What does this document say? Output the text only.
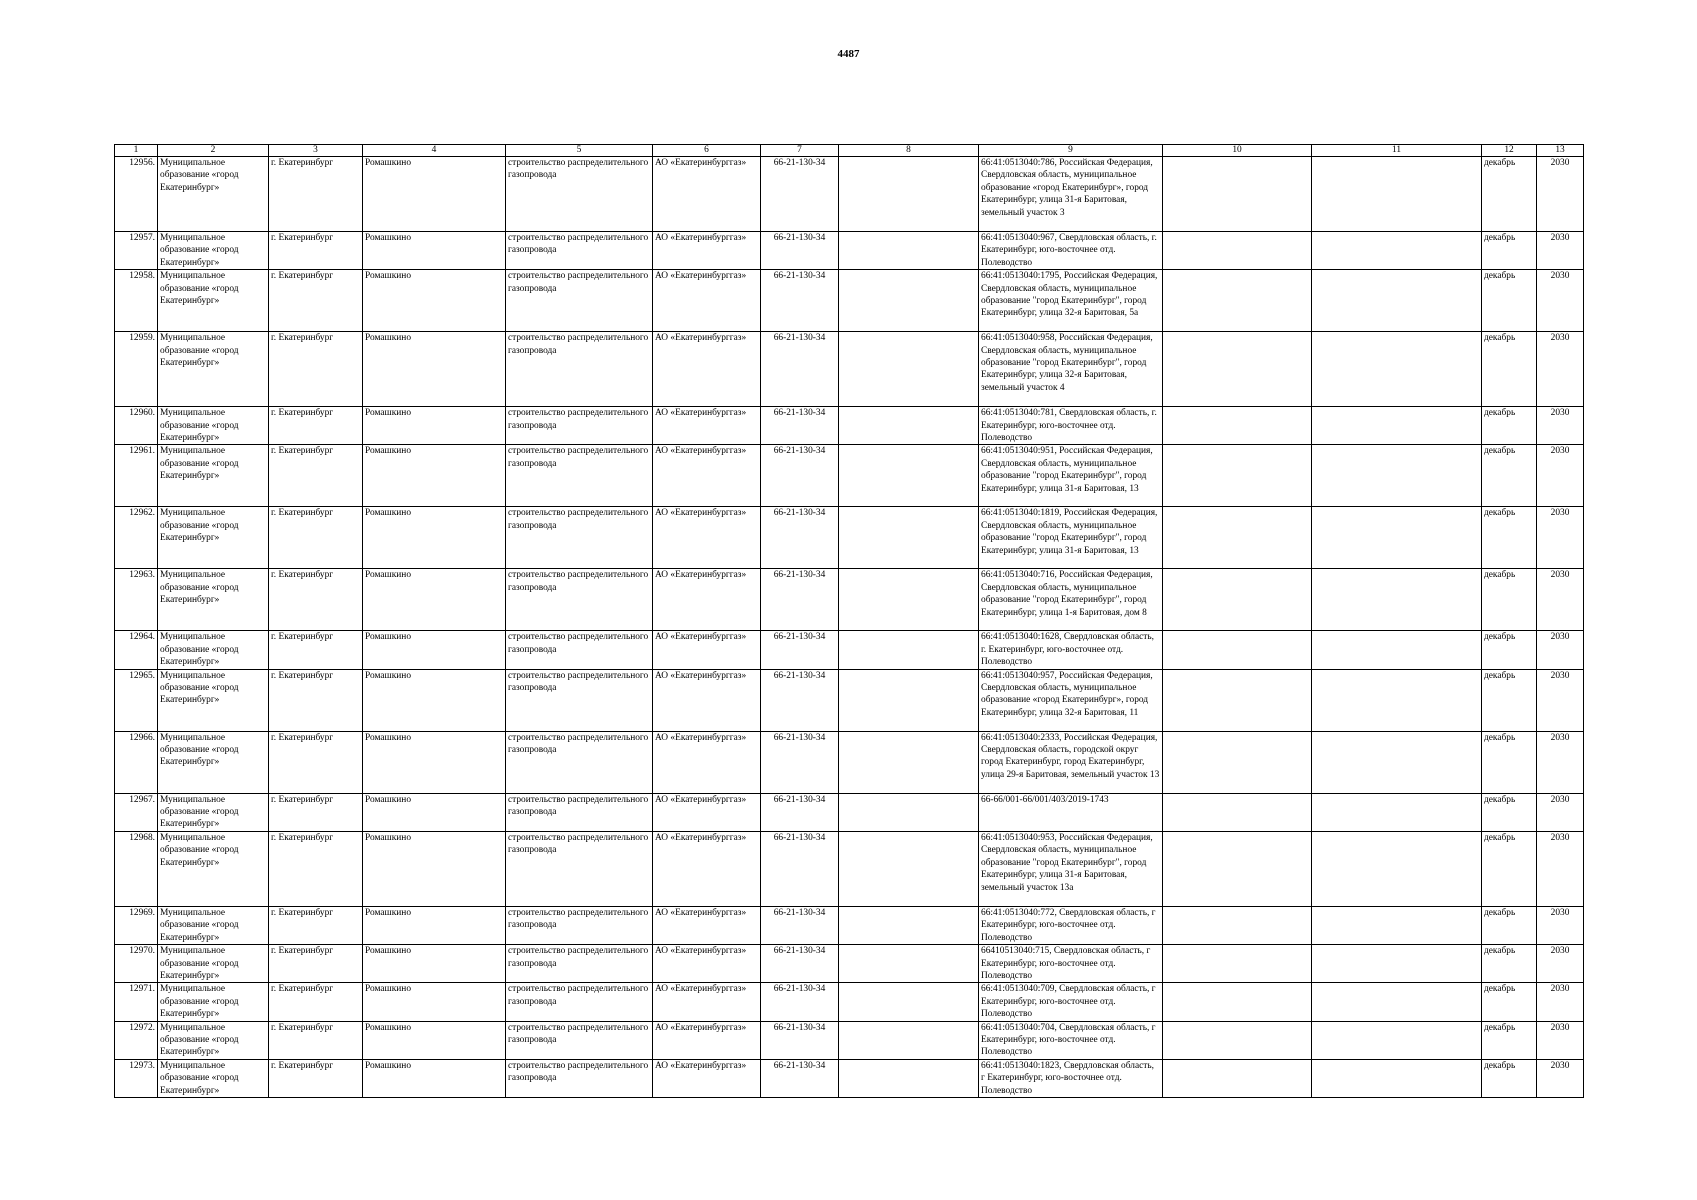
4487
1	2	3	4	5	6	7	8	9	10	11	12	13
12956.	Муниципальное образование «город Екатеринбург»	г. Екатеринбург	Ромашкино	строительство распределительного газопровода	АО «Екатеринбурггаз»	66-21-130-34		66:41:0513040:786, Российская Федерация, Свердловская область, муниципальное образование «город Екатеринбург», город Екатеринбург, улица 31-я Баритовая, земельный участок 3			декабрь	2030
12957.	Муниципальное образование «город Екатеринбург»	г. Екатеринбург	Ромашкино	строительство распределительного газопровода	АО «Екатеринбурггаз»	66-21-130-34		66:41:0513040:967, Свердловская область, г. Екатеринбург, юго-восточнее отд. Полеводство			декабрь	2030
12958.	Муниципальное образование «город Екатеринбург»	г. Екатеринбург	Ромашкино	строительство распределительного газопровода	АО «Екатеринбурггаз»	66-21-130-34		66:41:0513040:1795, Российская Федерация, Свердловская область, муниципальное образование "город Екатеринбург", город Екатеринбург, улица 32-я Баритовая, 5а			декабрь	2030
12959.	Муниципальное образование «город Екатеринбург»	г. Екатеринбург	Ромашкино	строительство распределительного газопровода	АО «Екатеринбурггаз»	66-21-130-34		66:41:0513040:958, Российская Федерация, Свердловская область, муниципальное образование "город Екатеринбург", город Екатеринбург, улица 32-я Баритовая, земельный участок 4			декабрь	2030
12960.	Муниципальное образование «город Екатеринбург»	г. Екатеринбург	Ромашкино	строительство распределительного газопровода	АО «Екатеринбурггаз»	66-21-130-34		66:41:0513040:781, Свердловская область, г. Екатеринбург, юго-восточнее отд. Полеводство			декабрь	2030
12961.	Муниципальное образование «город Екатеринбург»	г. Екатеринбург	Ромашкино	строительство распределительного газопровода	АО «Екатеринбурггаз»	66-21-130-34		66:41:0513040:951, Российская Федерация, Свердловская область, муниципальное образование "город Екатеринбург", город Екатеринбург, улица 31-я Баритовая, 13			декабрь	2030
12962.	Муниципальное образование «город Екатеринбург»	г. Екатеринбург	Ромашкино	строительство распределительного газопровода	АО «Екатеринбурггаз»	66-21-130-34		66:41:0513040:1819, Российская Федерация, Свердловская область, муниципальное образование "город Екатеринбург", город Екатеринбург, улица 31-я Баритовая, 13			декабрь	2030
12963.	Муниципальное образование «город Екатеринбург»	г. Екатеринбург	Ромашкино	строительство распределительного газопровода	АО «Екатеринбурггаз»	66-21-130-34		66:41:0513040:716, Российская Федерация, Свердловская область, муниципальное образование "город Екатеринбург", город Екатеринбург, улица 1-я Баритовая, дом 8			декабрь	2030
12964.	Муниципальное образование «город Екатеринбург»	г. Екатеринбург	Ромашкино	строительство распределительного газопровода	АО «Екатеринбурггаз»	66-21-130-34		66:41:0513040:1628, Свердловская область, г. Екатеринбург, юго-восточнее отд. Полеводство			декабрь	2030
12965.	Муниципальное образование «город Екатеринбург»	г. Екатеринбург	Ромашкино	строительство распределительного газопровода	АО «Екатеринбурггаз»	66-21-130-34		66:41:0513040:957, Российская Федерация, Свердловская область, муниципальное образование «город Екатеринбург», город Екатеринбург, улица 32-я Баритовая, 11			декабрь	2030
12966.	Муниципальное образование «город Екатеринбург»	г. Екатеринбург	Ромашкино	строительство распределительного газопровода	АО «Екатеринбурггаз»	66-21-130-34		66:41:0513040:2333, Российская Федерация, Свердловская область, городской округ город Екатеринбург, город Екатеринбург, улица 29-я Баритовая, земельный участок 13			декабрь	2030
12967.	Муниципальное образование «город Екатеринбург»	г. Екатеринбург	Ромашкино	строительство распределительного газопровода	АО «Екатеринбурггаз»	66-21-130-34		66-66/001-66/001/403/2019-1743			декабрь	2030
12968.	Муниципальное образование «город Екатеринбург»	г. Екатеринбург	Ромашкино	строительство распределительного газопровода	АО «Екатеринбурггаз»	66-21-130-34		66:41:0513040:953, Российская Федерация, Свердловская область, муниципальное образование "город Екатеринбург", город Екатеринбург, улица 31-я Баритовая, земельный участок 13а			декабрь	2030
12969.	Муниципальное образование «город Екатеринбург»	г. Екатеринбург	Ромашкино	строительство распределительного газопровода	АО «Екатеринбурггаз»	66-21-130-34		66:41:0513040:772, Свердловская область, г Екатеринбург, юго-восточнее отд. Полеводство			декабрь	2030
12970.	Муниципальное образование «город Екатеринбург»	г. Екатеринбург	Ромашкино	строительство распределительного газопровода	АО «Екатеринбурггаз»	66-21-130-34		66410513040:715, Свердловская область, г Екатеринбург, юго-восточнее отд. Полеводство			декабрь	2030
12971.	Муниципальное образование «город Екатеринбург»	г. Екатеринбург	Ромашкино	строительство распределительного газопровода	АО «Екатеринбурггаз»	66-21-130-34		66:41:0513040:709, Свердловская область, г Екатеринбург, юго-восточнее отд. Полеводство			декабрь	2030
12972.	Муниципальное образование «город Екатеринбург»	г. Екатеринбург	Ромашкино	строительство распределительного газопровода	АО «Екатеринбурггаз»	66-21-130-34		66:41:0513040:704, Свердловская область, г Екатеринбург, юго-восточнее отд. Полеводство			декабрь	2030
12973.	Муниципальное образование «город Екатеринбург»	г. Екатеринбург	Ромашкино	строительство распределительного газопровода	АО «Екатеринбурггаз»	66-21-130-34		66:41:0513040:1823, Свердловская область, г Екатеринбург, юго-восточнее отд. Полеводство			декабрь	2030
